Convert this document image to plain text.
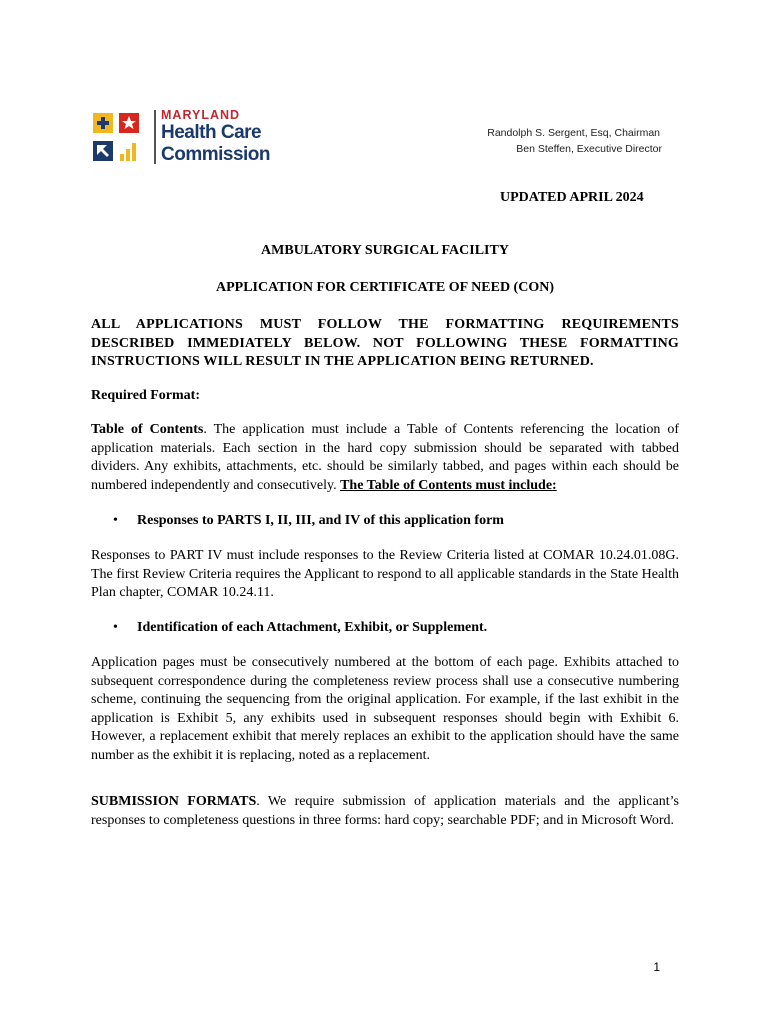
MARYLAND
Health Care
Commission
Randolph S. Sergent, Esq, Chairman
Ben Steffen, Executive Director
UPDATED APRIL 2024
AMBULATORY SURGICAL FACILITY
APPLICATION FOR CERTIFICATE OF NEED (CON)
ALL APPLICATIONS MUST FOLLOW THE FORMATTING REQUIREMENTS DESCRIBED IMMEDIATELY BELOW. NOT FOLLOWING THESE FORMATTING INSTRUCTIONS WILL RESULT IN THE APPLICATION BEING RETURNED.
Required Format:
Table of Contents. The application must include a Table of Contents referencing the location of application materials. Each section in the hard copy submission should be separated with tabbed dividers. Any exhibits, attachments, etc. should be similarly tabbed, and pages within each should be numbered independently and consecutively. The Table of Contents must include:
• Responses to PARTS I, II, III, and IV of this application form
Responses to PART IV must include responses to the Review Criteria listed at COMAR 10.24.01.08G. The first Review Criteria requires the Applicant to respond to all applicable standards in the State Health Plan chapter, COMAR 10.24.11.
• Identification of each Attachment, Exhibit, or Supplement.
Application pages must be consecutively numbered at the bottom of each page. Exhibits attached to subsequent correspondence during the completeness review process shall use a consecutive numbering scheme, continuing the sequencing from the original application. For example, if the last exhibit in the application is Exhibit 5, any exhibits used in subsequent responses should begin with Exhibit 6. However, a replacement exhibit that merely replaces an exhibit to the application should have the same number as the exhibit it is replacing, noted as a replacement.
SUBMISSION FORMATS. We require submission of application materials and the applicant’s responses to completeness questions in three forms: hard copy; searchable PDF; and in Microsoft Word.
1
